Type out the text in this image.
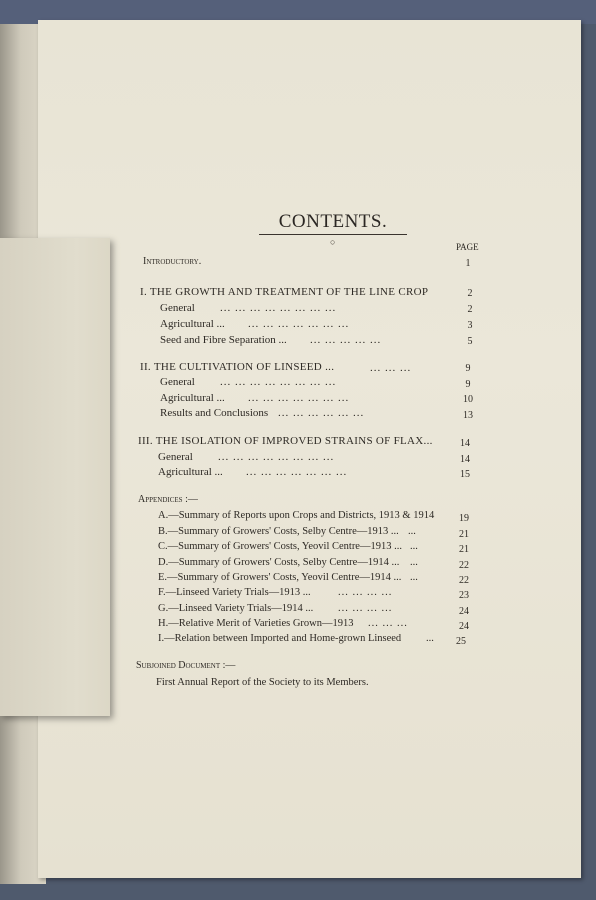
CONTENTS.
○	PAGE
Introductory.	1
I. THE GROWTH AND TREATMENT OF THE LINE CROP	2
General ... ... ... ... ... ... ... ...	2
Agricultural ... ... ... ... ... ... ... ...	3
Seed and Fibre Separation ... ... ... ... ... ...	5
II. THE CULTIVATION OF LINSEED ...	... ... ...	9
General ... ... ... ... ... ... ... ...	9
Agricultural ... ... ... ... ... ... ... ...	10
Results and Conclusions ... ... ... ... ... ...	13
III. THE ISOLATION OF IMPROVED STRAINS OF FLAX...	14
General ... ... ... ... ... ... ... ...	14
Agricultural ... ... ... ... ... ... ... ...	15
Appendices :—
A.—Summary of Reports upon Crops and Districts, 1913 & 1914	19
B.—Summary of Growers' Costs, Selby Centre—1913 ... ...	21
C.—Summary of Growers' Costs, Yeovil Centre—1913 ... ...	21
D.—Summary of Growers' Costs, Selby Centre—1914 ... ...	22
E.—Summary of Growers' Costs, Yeovil Centre—1914 ... ...	22
F.—Linseed Variety Trials—1913 ...	... ... ... ...	23
G.—Linseed Variety Trials—1914 ... ... ... ... ...	24
H.—Relative Merit of Varieties Grown—1913 ... ... ...	24
I.—Relation between Imported and Home-grown Linseed ...	25
Subjoined Document :—
First Annual Report of the Society to its Members.
